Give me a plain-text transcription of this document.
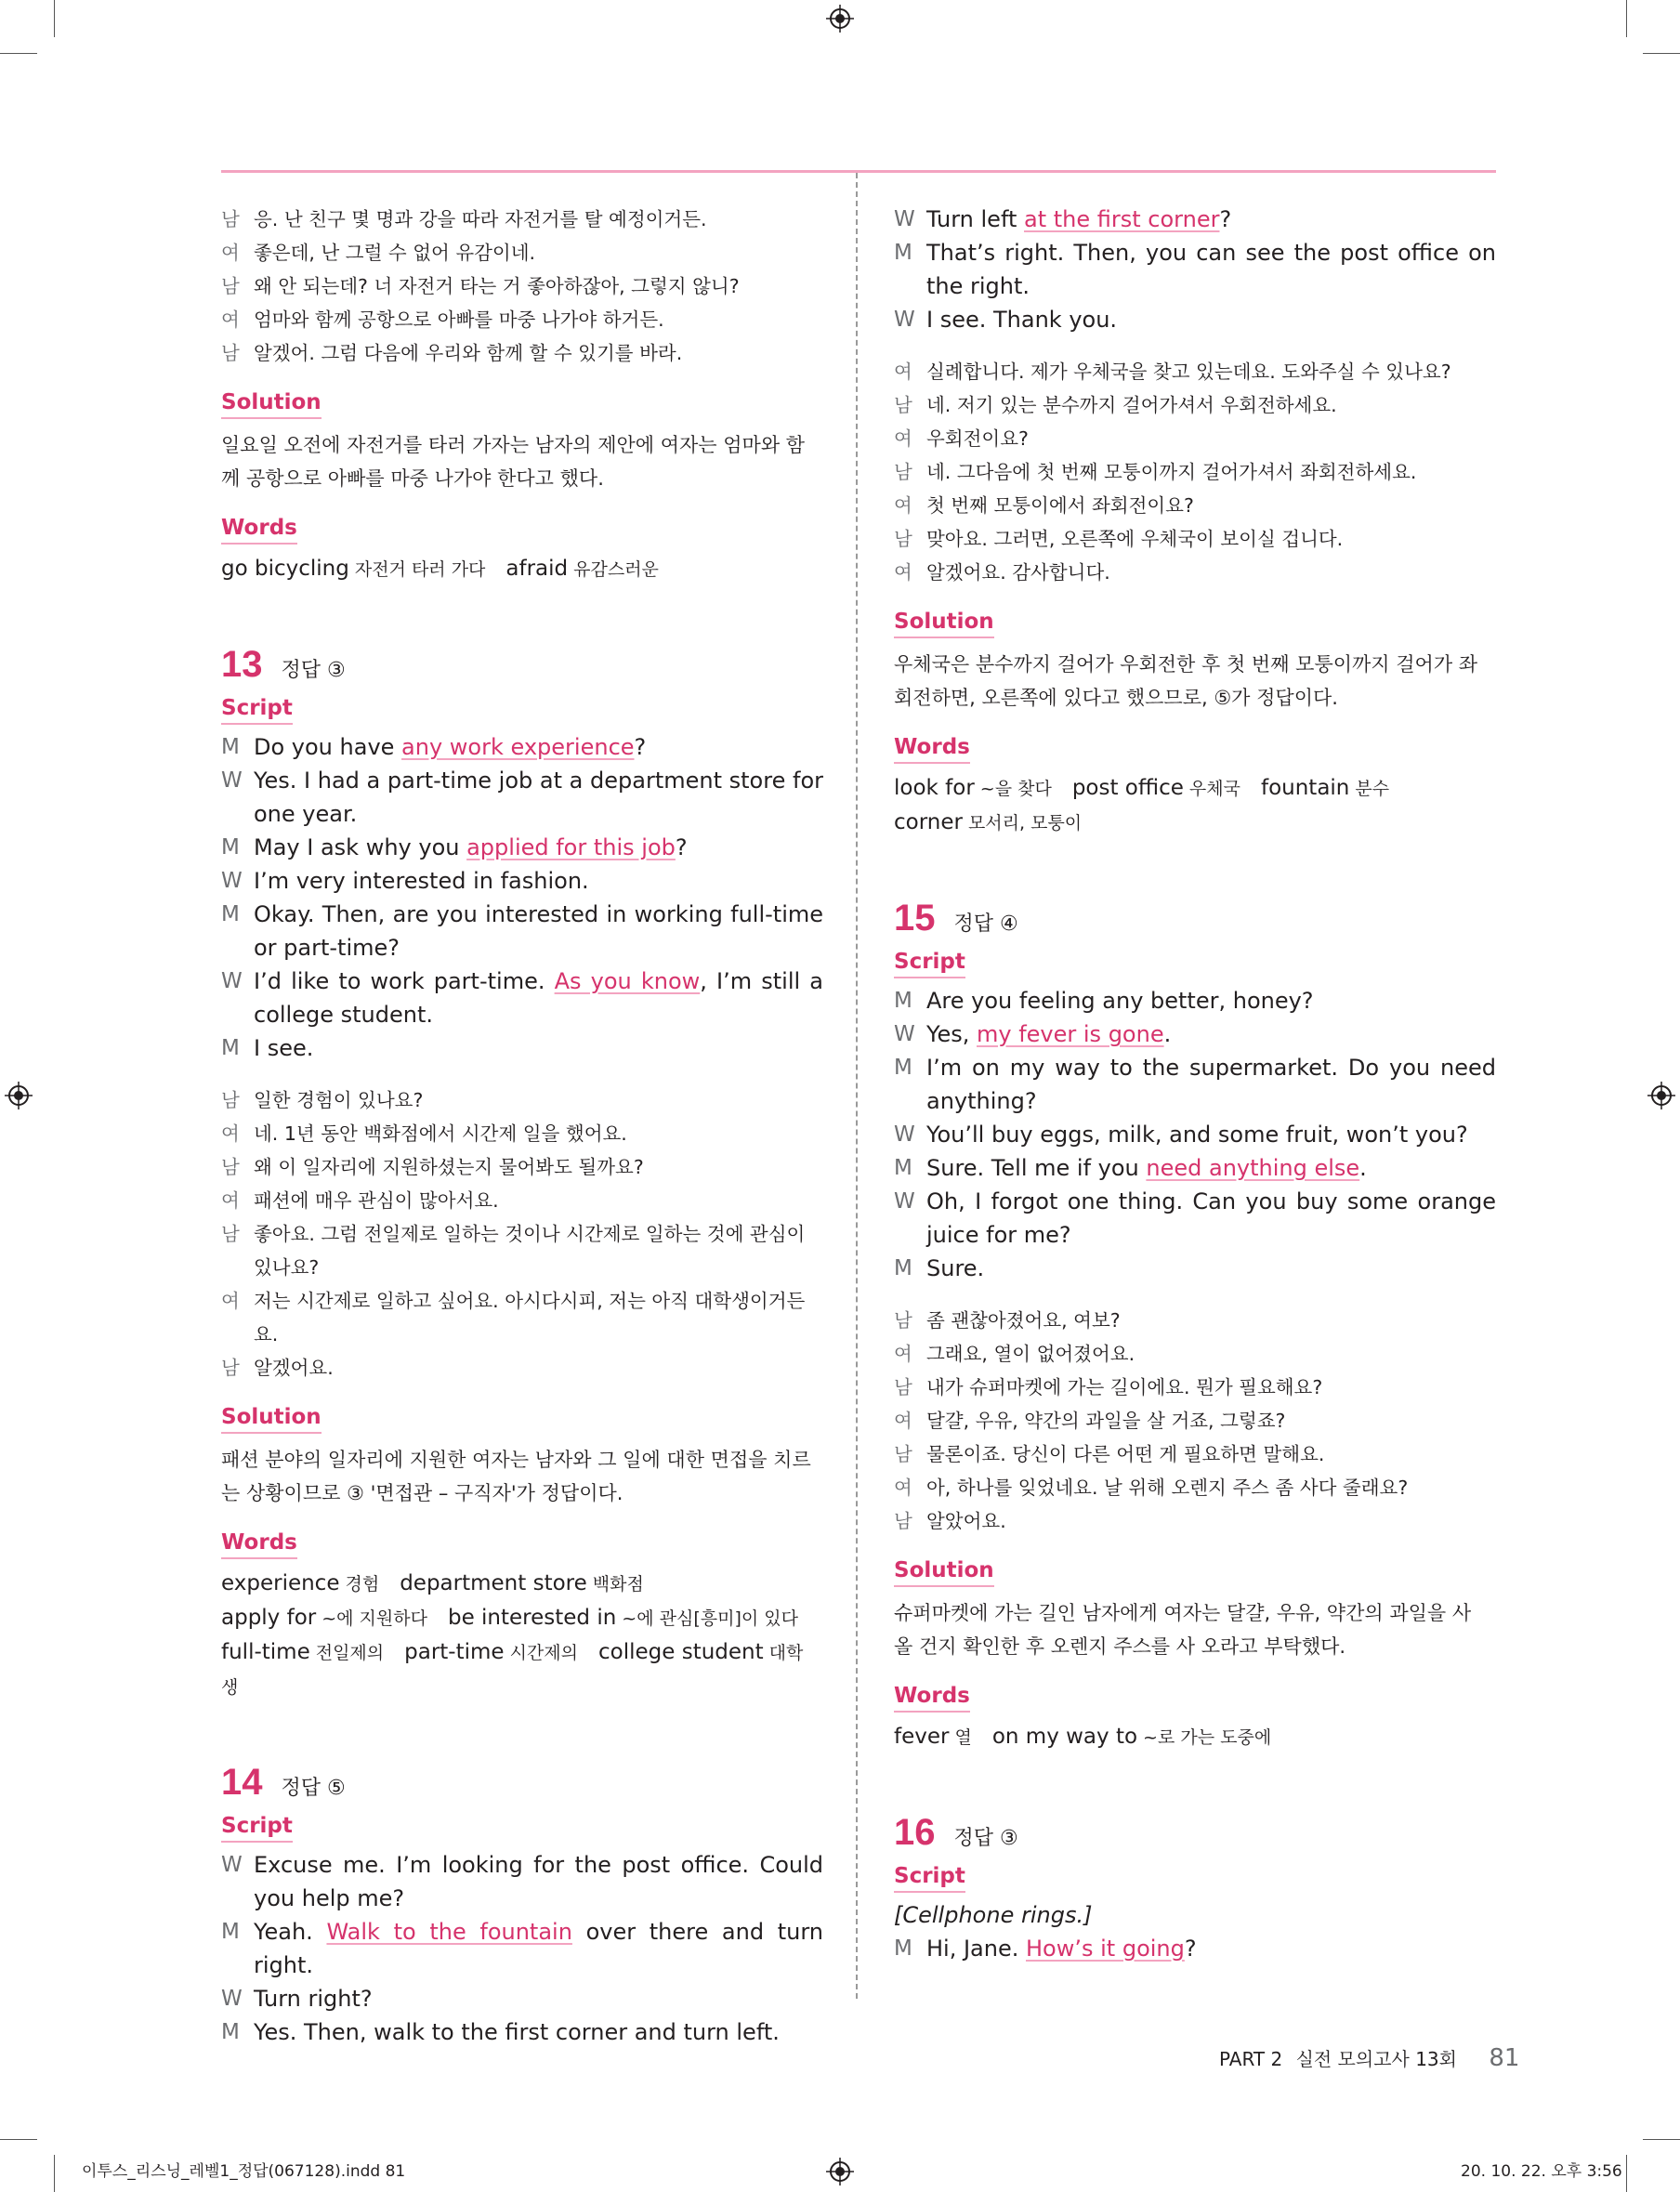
남 응. 난 친구 몇 명과 강을 따라 자전거를 탈 예정이거든.
여 좋은데, 난 그럴 수 없어 유감이네.
남 왜 안 되는데? 너 자전거 타는 거 좋아하잖아, 그렇지 않니?
여 엄마와 함께 공항으로 아빠를 마중 나가야 하거든.
남 알겠어. 그럼 다음에 우리와 함께 할 수 있기를 바라.
Solution

일요일 오전에 자전거를 타러 가자는 남자의 제안에 여자는 엄마와 함께 공항으로 아빠를 마중 나가야 한다고 했다.

Words

go bicycling 자전거 타러 가다 afraid 유감스러운

13 정답 ③
Script
M Do you have any work experience?
W Yes. I had a part-time job at a department store for one year.
M May I ask why you applied for this job?
W I’m very interested in fashion.
M Okay. Then, are you interested in working full-time or part-time?
W I’d like to work part-time. As you know, I’m still a college student.
M I see.
남 일한 경험이 있나요?
여 네. 1년 동안 백화점에서 시간제 일을 했어요.
남 왜 이 일자리에 지원하셨는지 물어봐도 될까요?
여 패션에 매우 관심이 많아서요.
남 좋아요. 그럼 전일제로 일하는 것이나 시간제로 일하는 것에 관심이 있나요?
여 저는 시간제로 일하고 싶어요. 아시다시피, 저는 아직 대학생이거든요.
남 알겠어요.
Solution

패션 분야의 일자리에 지원한 여자는 남자와 그 일에 대한 면접을 치르는 상황이므로 ③ '면접관 – 구직자'가 정답이다.

Words

experience 경험 department store 백화점

apply for ~에 지원하다 be interested in ~에 관심[흥미]이 있다

full-time 전일제의 part-time 시간제의 college student 대학생

14 정답 ⑤
Script
W Excuse me. I’m looking for the post office. Could you help me?
M Yeah. Walk to the fountain over there and turn right.
W Turn right?
M Yes. Then, walk to the first corner and turn left.
W Turn left at the first corner?
M That’s right. Then, you can see the post office on the right.
W I see. Thank you.
여 실례합니다. 제가 우체국을 찾고 있는데요. 도와주실 수 있나요?
남 네. 저기 있는 분수까지 걸어가셔서 우회전하세요.
여 우회전이요?
남 네. 그다음에 첫 번째 모퉁이까지 걸어가셔서 좌회전하세요.
여 첫 번째 모퉁이에서 좌회전이요?
남 맞아요. 그러면, 오른쪽에 우체국이 보이실 겁니다.
여 알겠어요. 감사합니다.
Solution

우체국은 분수까지 걸어가 우회전한 후 첫 번째 모퉁이까지 걸어가 좌회전하면, 오른쪽에 있다고 했으므로, ⑤가 정답이다.

Words

look for ~을 찾다 post office 우체국 fountain 분수

corner 모서리, 모퉁이

15 정답 ④
Script
M Are you feeling any better, honey?
W Yes, my fever is gone.
M I’m on my way to the supermarket. Do you need anything?
W You’ll buy eggs, milk, and some fruit, won’t you?
M Sure. Tell me if you need anything else.
W Oh, I forgot one thing. Can you buy some orange juice for me?
M Sure.
남 좀 괜찮아졌어요, 여보?
여 그래요, 열이 없어졌어요.
남 내가 슈퍼마켓에 가는 길이에요. 뭔가 필요해요?
여 달걀, 우유, 약간의 과일을 살 거죠, 그렇죠?
남 물론이죠. 당신이 다른 어떤 게 필요하면 말해요.
여 아, 하나를 잊었네요. 날 위해 오렌지 주스 좀 사다 줄래요?
남 알았어요.
Solution

슈퍼마켓에 가는 길인 남자에게 여자는 달걀, 우유, 약간의 과일을 사 올 건지 확인한 후 오렌지 주스를 사 오라고 부탁했다.

Words

fever 열 on my way to ~로 가는 도중에

16 정답 ③
Script

[Cellphone rings.]

M Hi, Jane. How’s it going?
PART 2 실전 모의고사 13회 81
이투스_리스닝_레벨1_정답(067128).indd 81	20. 10. 22. 오후 3:56
